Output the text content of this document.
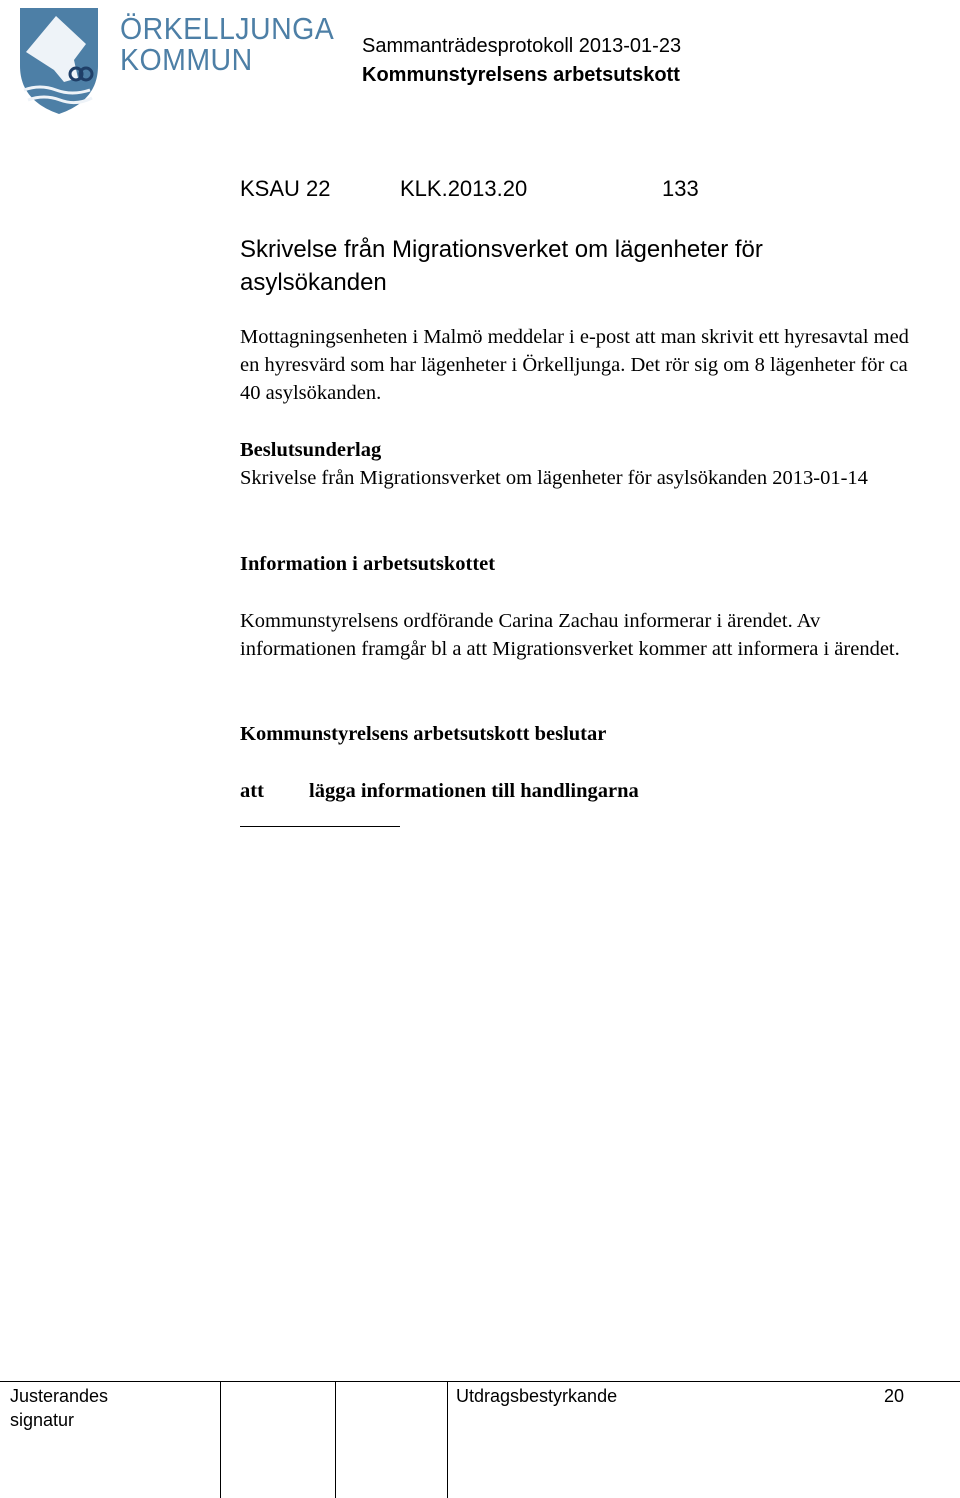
ÖRKELLJUNGA
KOMMUN	Sammanträdesprotokoll 2013-01-23
Kommunstyrelsens arbetsutskott
KSAU 22	KLK.2013.20	133
Skrivelse från Migrationsverket om lägenheter för asylsökanden

Mottagningsenheten i Malmö meddelar i e-post att man skrivit ett hyresavtal med en hyresvärd som har lägenheter i Örkelljunga. Det rör sig om 8 lägenheter för ca 40 asylsökanden.

Beslutsunderlag

Skrivelse från Migrationsverket om lägenheter för asylsökanden 2013-01-14

Information i arbetsutskottet

Kommunstyrelsens ordförande Carina Zachau informerar i ärendet. Av informationen framgår bl a att Migrationsverket kommer att informera i ärendet.

Kommunstyrelsens arbetsutskott beslutar

att lägga informationen till handlingarna
Justerandes
signatur
Utdragsbestyrkande	20
